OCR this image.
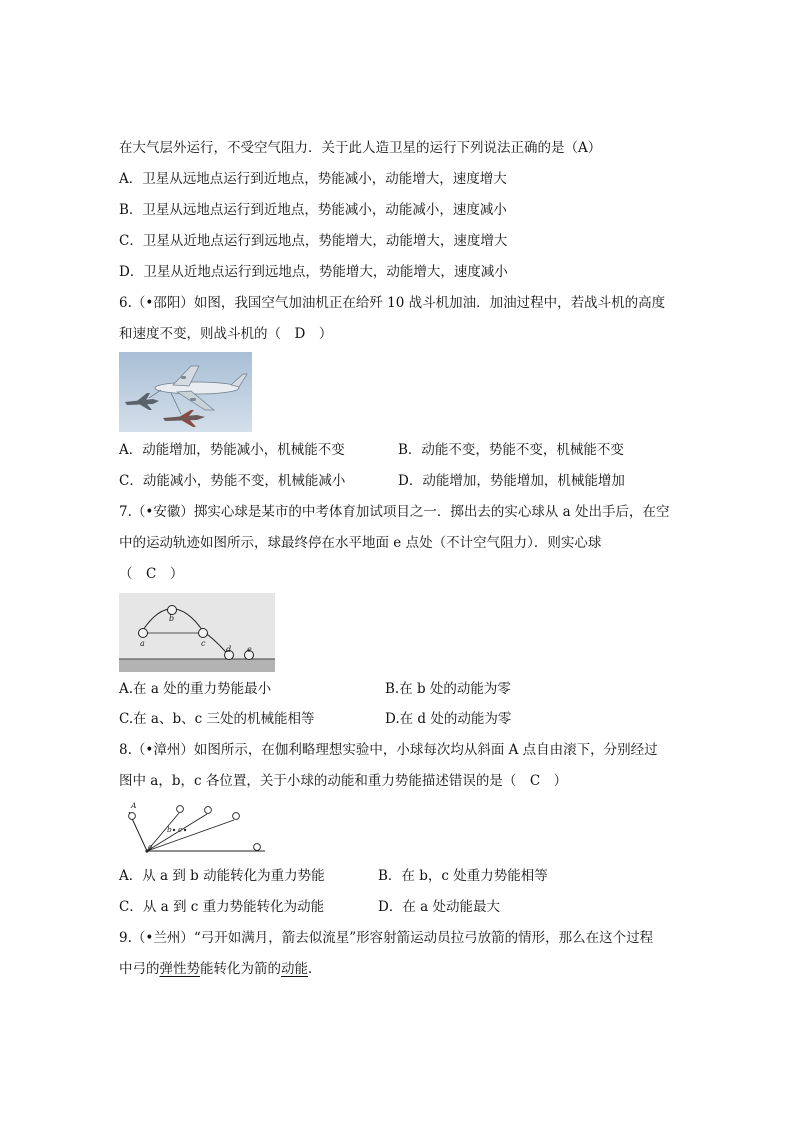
在大气层外运行，不受空气阻力．关于此人造卫星的运行下列说法正确的是（A）
A．卫星从远地点运行到近地点，势能减小，动能增大，速度增大
B．卫星从远地点运行到近地点，势能减小，动能减小，速度减小
C．卫星从近地点运行到远地点，势能增大，动能增大，速度增大
D．卫星从近地点运行到远地点，势能增大，动能增大，速度减小
6.（•邵阳）如图，我国空气加油机正在给歼 10 战斗机加油．加油过程中，若战斗机的高度
和速度不变，则战斗机的（　D　）
A．动能增加，势能减小，机械能不变	B．动能不变，势能不变，机械能不变
C．动能减小，势能不变，机械能减小	D．动能增加，势能增加，机械能增加
7.（•安徽）掷实心球是某市的中考体育加试项目之一．掷出去的实心球从 a 处出手后，在空
中的运动轨迹如图所示，球最终停在水平地面 e 点处（不计空气阻力）．则实心球
（　C　）
a
b
c
d e
A.在 a 处的重力势能最小	B.在 b 处的动能为零
C.在 a、b、c 三处的机械能相等	D.在 d 处的动能为零
8.（•漳州）如图所示，在伽利略理想实验中，小球每次均从斜面 A 点自由滚下，分别经过
图中 a，b，c 各位置，关于小球的动能和重力势能描述错误的是（　C　）
A
a
b c
A．从 a 到 b 动能转化为重力势能	B．在 b，c 处重力势能相等
C．从 a 到 c 重力势能转化为动能	D．在 a 处动能最大
9.（•兰州）“弓开如满月，箭去似流星”形容射箭运动员拉弓放箭的情形，那么在这个过程
中弓的弹性势能转化为箭的动能．
